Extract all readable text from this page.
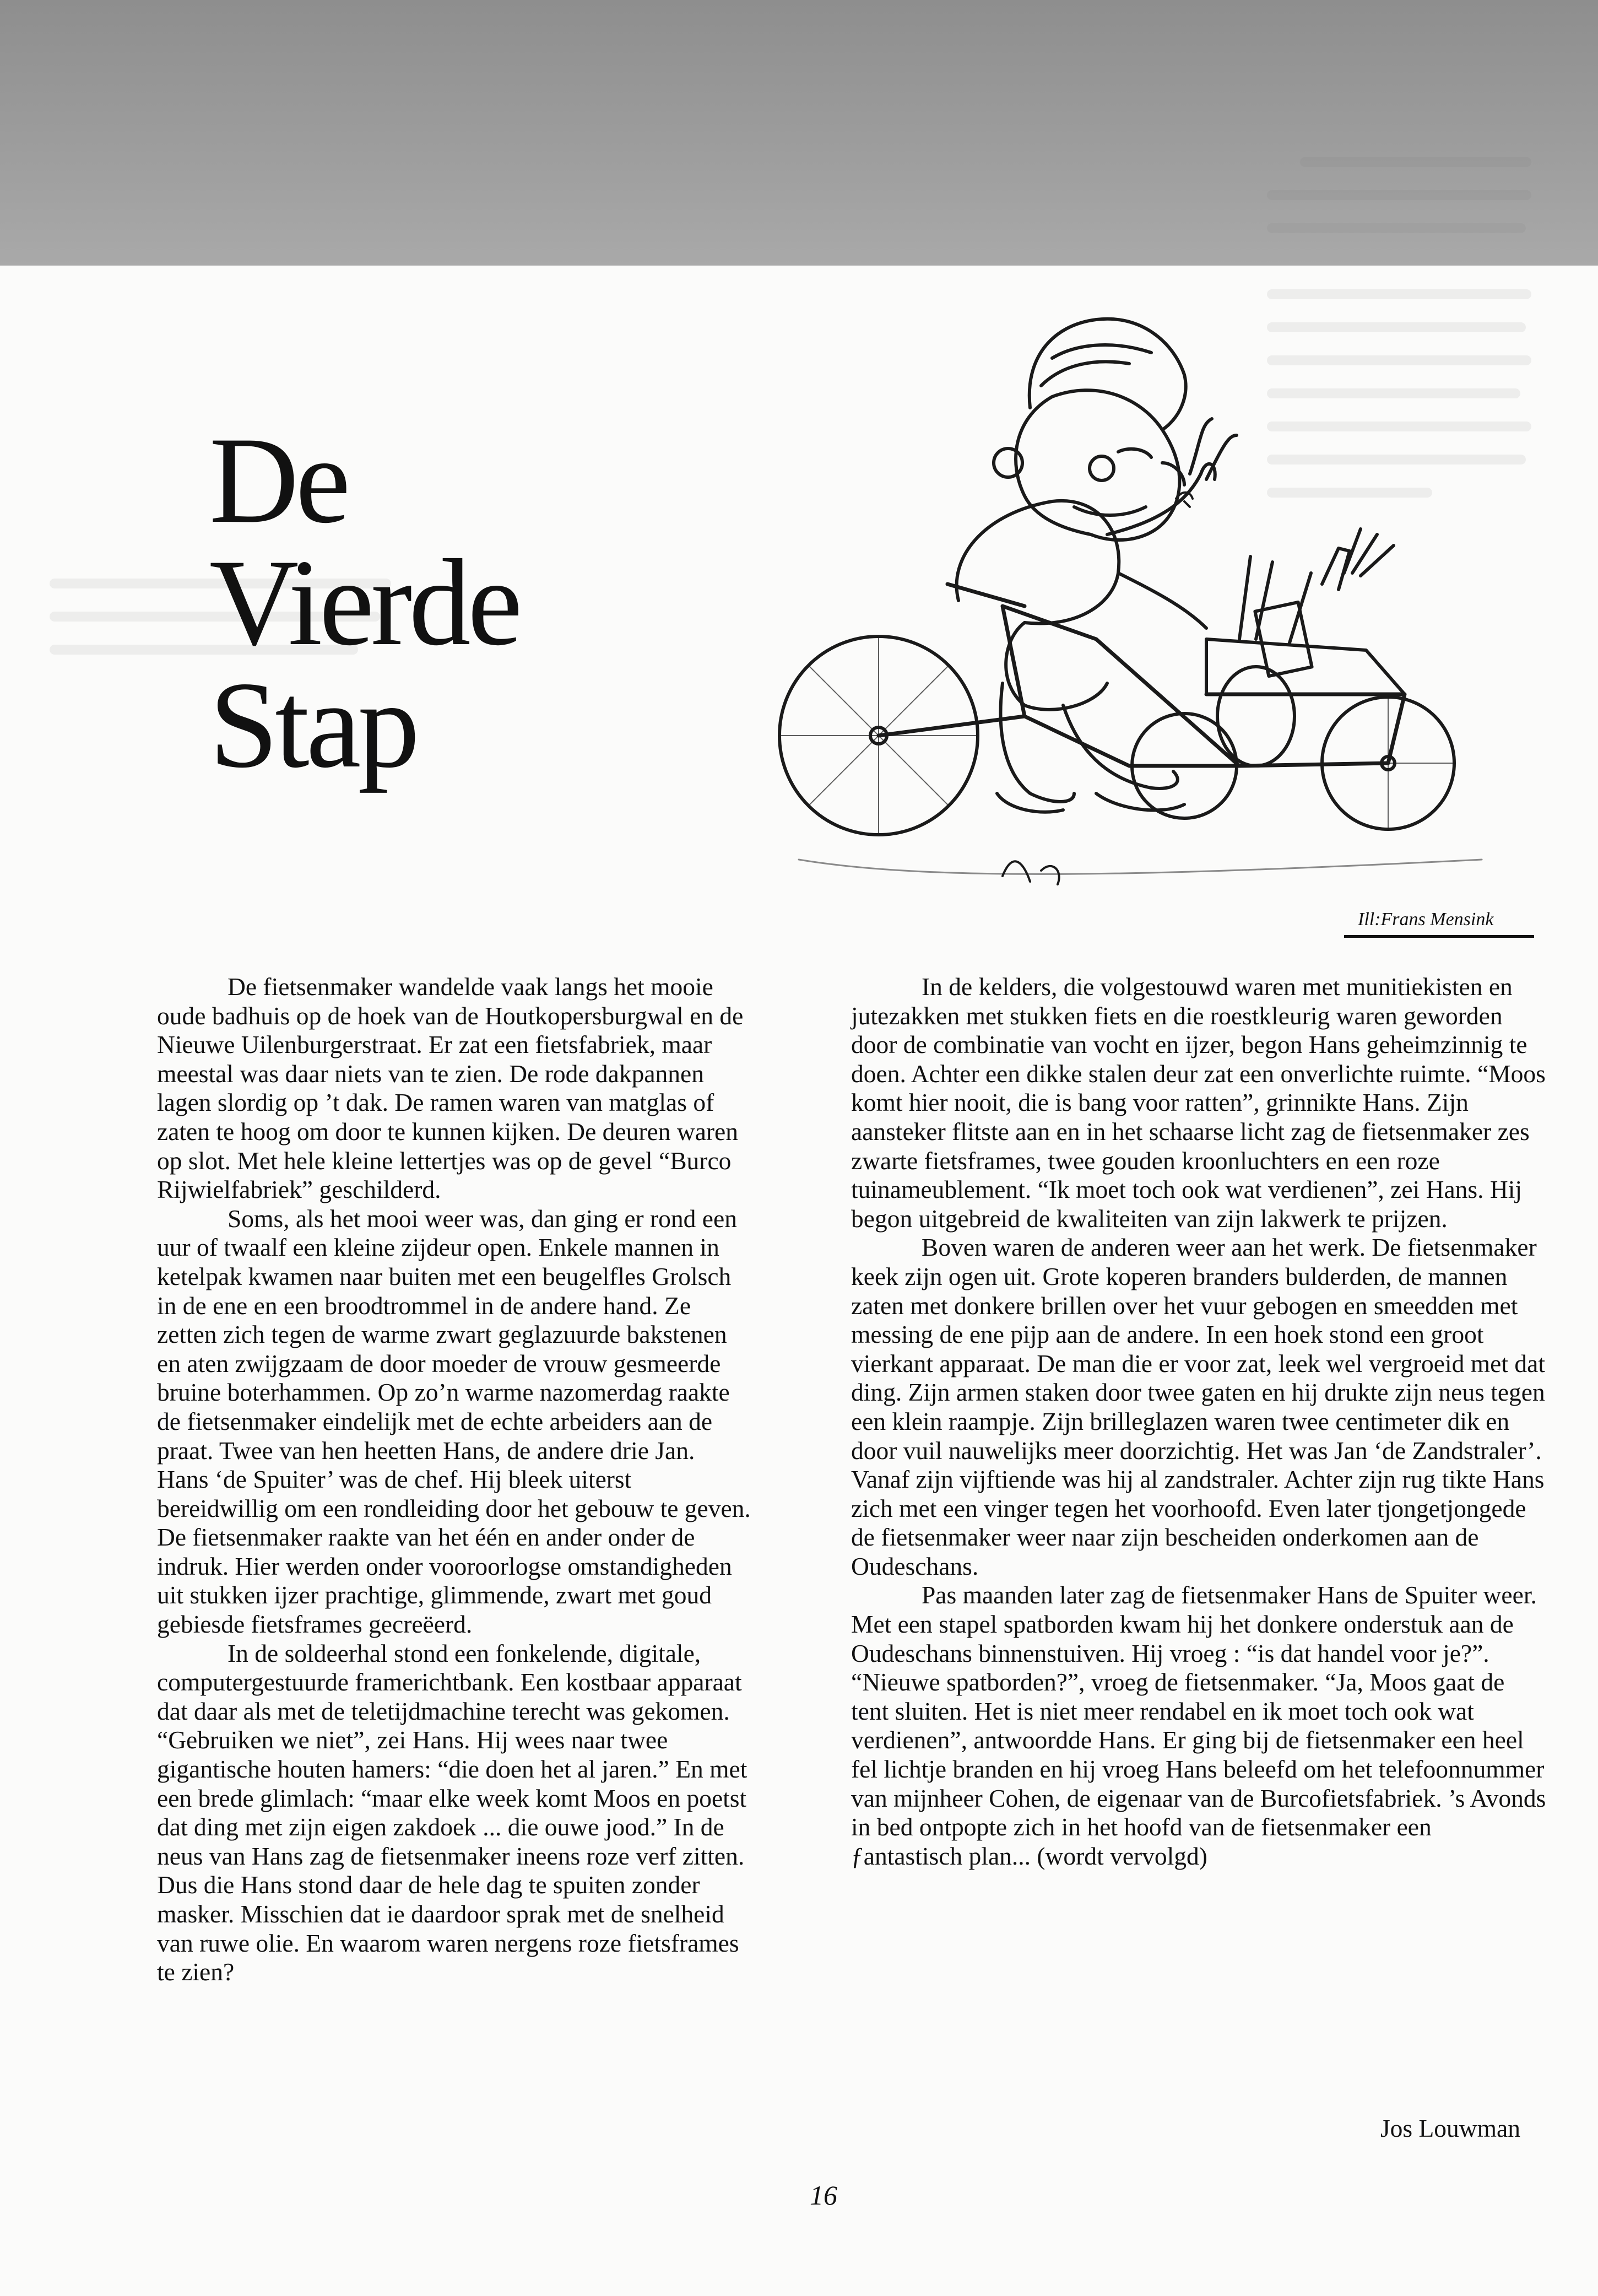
De
Vierde
Stap
Ill:Frans Mensink

De fietsenmaker wandelde vaak langs het mooie oude badhuis op de hoek van de Houtkopersburgwal en de Nieuwe Uilenburgerstraat. Er zat een fietsfabriek, maar meestal was daar niets van te zien. De rode dakpannen lagen slordig op ’t dak. De ramen waren van matglas of zaten te hoog om door te kunnen kijken. De deuren waren op slot. Met hele kleine lettertjes was op de gevel “Burco Rijwielfabriek” geschilderd.

Soms, als het mooi weer was, dan ging er rond een uur of twaalf een kleine zijdeur open. Enkele mannen in ketelpak kwamen naar buiten met een beugelfles Grolsch in de ene en een broodtrommel in de andere hand. Ze zetten zich tegen de warme zwart geglazuurde bakstenen en aten zwijgzaam de door moeder de vrouw gesmeerde bruine boterhammen. Op zo’n warme nazomerdag raakte de fietsenmaker eindelijk met de echte arbeiders aan de praat. Twee van hen heetten Hans, de andere drie Jan. Hans ‘de Spuiter’ was de chef. Hij bleek uiterst bereidwillig om een rondleiding door het gebouw te geven. De fietsenmaker raakte van het één en ander onder de indruk. Hier werden onder vooroorlogse omstandigheden uit stukken ijzer prachtige, glimmende, zwart met goud gebiesde fietsframes gecreëerd.

In de soldeerhal stond een fonkelende, digitale, computergestuurde framerichtbank. Een kostbaar apparaat dat daar als met de teletijdmachine terecht was gekomen. “Gebruiken we niet”, zei Hans. Hij wees naar twee gigantische houten hamers: “die doen het al jaren.” En met een brede glimlach: “maar elke week komt Moos en poetst dat ding met zijn eigen zakdoek ... die ouwe jood.” In de neus van Hans zag de fietsenmaker ineens roze verf zitten. Dus die Hans stond daar de hele dag te spuiten zonder masker. Misschien dat ie daardoor sprak met de snelheid van ruwe olie. En waarom waren nergens roze fietsframes te zien?

In de kelders, die volgestouwd waren met munitiekisten en jutezakken met stukken fiets en die roestkleurig waren geworden door de combinatie van vocht en ijzer, begon Hans geheimzinnig te doen. Achter een dikke stalen deur zat een onverlichte ruimte. “Moos komt hier nooit, die is bang voor ratten”, grinnikte Hans. Zijn aansteker flitste aan en in het schaarse licht zag de fietsenmaker zes zwarte fietsframes, twee gouden kroonluchters en een roze tuinameublement. “Ik moet toch ook wat verdienen”, zei Hans. Hij begon uitgebreid de kwaliteiten van zijn lakwerk te prijzen.

Boven waren de anderen weer aan het werk. De fietsenmaker keek zijn ogen uit. Grote koperen branders bulderden, de mannen zaten met donkere brillen over het vuur gebogen en smeedden met messing de ene pijp aan de andere. In een hoek stond een groot vierkant apparaat. De man die er voor zat, leek wel vergroeid met dat ding. Zijn armen staken door twee gaten en hij drukte zijn neus tegen een klein raampje. Zijn brilleglazen waren twee centimeter dik en door vuil nauwelijks meer doorzichtig. Het was Jan ‘de Zandstraler’. Vanaf zijn vijftiende was hij al zandstraler. Achter zijn rug tikte Hans zich met een vinger tegen het voorhoofd. Even later tjongetjongede de fietsenmaker weer naar zijn bescheiden onderkomen aan de Oudeschans.

Pas maanden later zag de fietsenmaker Hans de Spuiter weer. Met een stapel spatborden kwam hij het donkere onderstuk aan de Oudeschans binnenstuiven. Hij vroeg : “is dat handel voor je?”. “Nieuwe spatborden?”, vroeg de fietsenmaker. “Ja, Moos gaat de tent sluiten. Het is niet meer rendabel en ik moet toch ook wat verdienen”, antwoordde Hans. Er ging bij de fietsenmaker een heel fel lichtje branden en hij vroeg Hans beleefd om het telefoonnummer van mijnheer Cohen, de eigenaar van de Burcofietsfabriek. ’s Avonds in bed ontpopte zich in het hoofd van de fietsenmaker een ƒantastisch plan... (wordt vervolgd)

Jos Louwman
16
